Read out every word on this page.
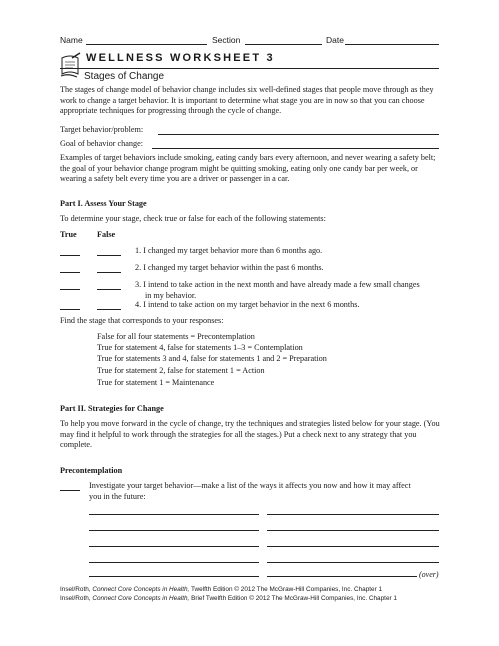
Name	Section	Date
WELLNESS WORKSHEET 3
Stages of Change
The stages of change model of behavior change includes six well-defined stages that people move through as they work to change a target behavior. It is important to determine what stage you are in now so that you can choose appropriate techniques for progressing through the cycle of change.
Target behavior/problem:
Goal of behavior change:
Examples of target behaviors include smoking, eating candy bars every afternoon, and never wearing a safety belt; the goal of your behavior change program might be quitting smoking, eating only one candy bar per week, or wearing a safety belt every time you are a driver or passenger in a car.
Part I. Assess Your Stage
To determine your stage, check true or false for each of the following statements:
True False
1. I changed my target behavior more than 6 months ago.
2. I changed my target behavior within the past 6 months.
3. I intend to take action in the next month and have already made a few small changes
in my behavior.
4. I intend to take action on my target behavior in the next 6 months.
Find the stage that corresponds to your responses:
False for all four statements = Precontemplation
True for statement 4, false for statements 1–3 = Contemplation
True for statements 3 and 4, false for statements 1 and 2 = Preparation
True for statement 2, false for statement 1 = Action
True for statement 1 = Maintenance
Part II. Strategies for Change
To help you move forward in the cycle of change, try the techniques and strategies listed below for your stage. (You may find it helpful to work through the strategies for all the stages.) Put a check next to any strategy that you complete.
Precontemplation
Investigate your target behavior—make a list of the ways it affects you now and how it may affect
you in the future:
(over)
Insel/Roth, Connect Core Concepts in Health, Twelfth Edition © 2012 The McGraw-Hill Companies, Inc. Chapter 1
Insel/Roth, Connect Core Concepts in Health, Brief Twelfth Edition © 2012 The McGraw-Hill Companies, Inc. Chapter 1
